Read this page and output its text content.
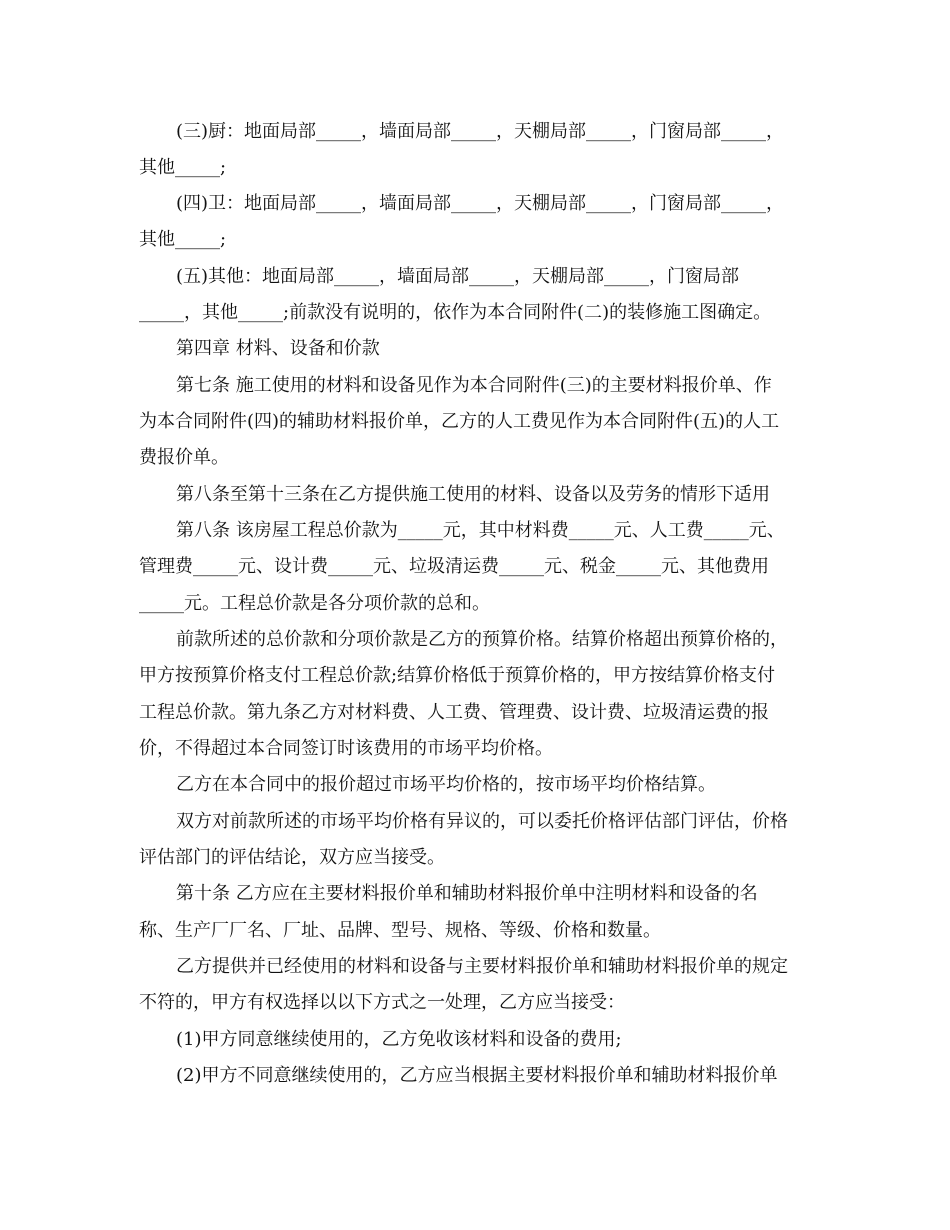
(三)厨：地面局部_____，墙面局部_____，天棚局部_____，门窗局部_____，

其他_____;

(四)卫：地面局部_____，墙面局部_____，天棚局部_____，门窗局部_____，

其他_____;

(五)其他：地面局部_____，墙面局部_____，天棚局部_____，门窗局部

_____，其他_____;前款没有说明的，依作为本合同附件(二)的装修施工图确定。

第四章 材料、设备和价款

第七条 施工使用的材料和设备见作为本合同附件(三)的主要材料报价单、作

为本合同附件(四)的辅助材料报价单，乙方的人工费见作为本合同附件(五)的人工

费报价单。

第八条至第十三条在乙方提供施工使用的材料、设备以及劳务的情形下适用

第八条 该房屋工程总价款为_____元，其中材料费_____元、人工费_____元、

管理费_____元、设计费_____元、垃圾清运费_____元、税金_____元、其他费用

_____元。工程总价款是各分项价款的总和。

前款所述的总价款和分项价款是乙方的预算价格。结算价格超出预算价格的，

甲方按预算价格支付工程总价款;结算价格低于预算价格的，甲方按结算价格支付

工程总价款。第九条乙方对材料费、人工费、管理费、设计费、垃圾清运费的报

价，不得超过本合同签订时该费用的市场平均价格。

乙方在本合同中的报价超过市场平均价格的，按市场平均价格结算。

双方对前款所述的市场平均价格有异议的，可以委托价格评估部门评估，价格

评估部门的评估结论，双方应当接受。

第十条 乙方应在主要材料报价单和辅助材料报价单中注明材料和设备的名

称、生产厂厂名、厂址、品牌、型号、规格、等级、价格和数量。

乙方提供并已经使用的材料和设备与主要材料报价单和辅助材料报价单的规定

不符的，甲方有权选择以以下方式之一处理，乙方应当接受：

(1)甲方同意继续使用的，乙方免收该材料和设备的费用;

(2)甲方不同意继续使用的，乙方应当根据主要材料报价单和辅助材料报价单
